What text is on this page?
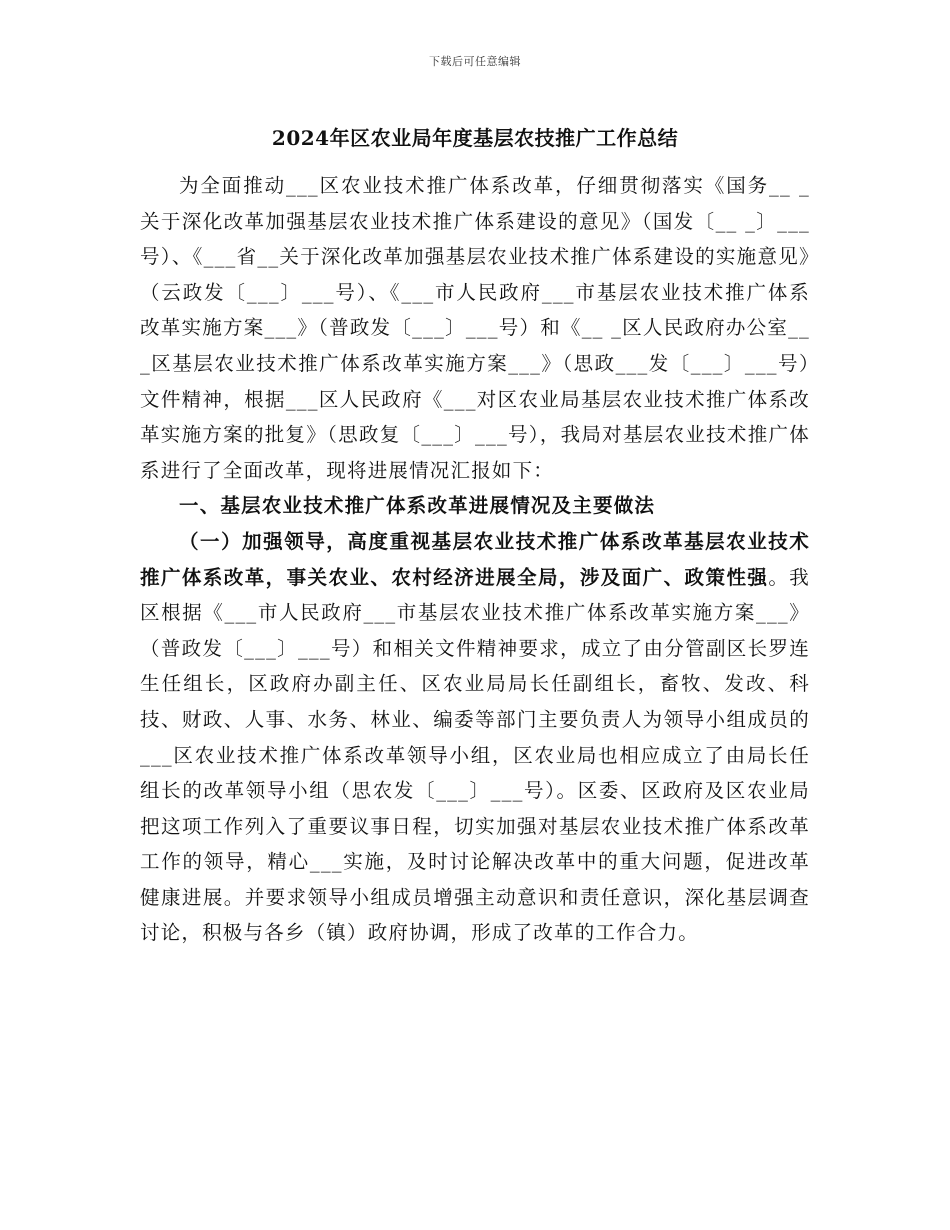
下载后可任意编辑
2024年区农业局年度基层农技推广工作总结

为全面推动___区农业技术推广体系改革，仔细贯彻落实《国务__ _关于深化改革加强基层农业技术推广体系建设的意见》（国发〔__ _〕___号）、《___省__关于深化改革加强基层农业技术推广体系建设的实施意见》（云政发〔___〕___号）、《___市人民政府___市基层农业技术推广体系改革实施方案___》（普政发〔___〕___号）和《__ _区人民政府办公室___区基层农业技术推广体系改革实施方案___》（思政___发〔___〕___号）文件精神，根据___区人民政府《___对区农业局基层农业技术推广体系改革实施方案的批复》（思政复〔___〕___号），我局对基层农业技术推广体系进行了全面改革，现将进展情况汇报如下：

一、基层农业技术推广体系改革进展情况及主要做法

（一）加强领导，高度重视基层农业技术推广体系改革基层农业技术推广体系改革，事关农业、农村经济进展全局，涉及面广、政策性强。我区根据《___市人民政府___市基层农业技术推广体系改革实施方案___》（普政发〔___〕___号）和相关文件精神要求，成立了由分管副区长罗连生任组长，区政府办副主任、区农业局局长任副组长，畜牧、发改、科技、财政、人事、水务、林业、编委等部门主要负责人为领导小组成员的___区农业技术推广体系改革领导小组，区农业局也相应成立了由局长任组长的改革领导小组（思农发〔___〕___号）。区委、区政府及区农业局把这项工作列入了重要议事日程，切实加强对基层农业技术推广体系改革工作的领导，精心___实施，及时讨论解决改革中的重大问题，促进改革健康进展。并要求领导小组成员增强主动意识和责任意识，深化基层调查讨论，积极与各乡（镇）政府协调，形成了改革的工作合力。
